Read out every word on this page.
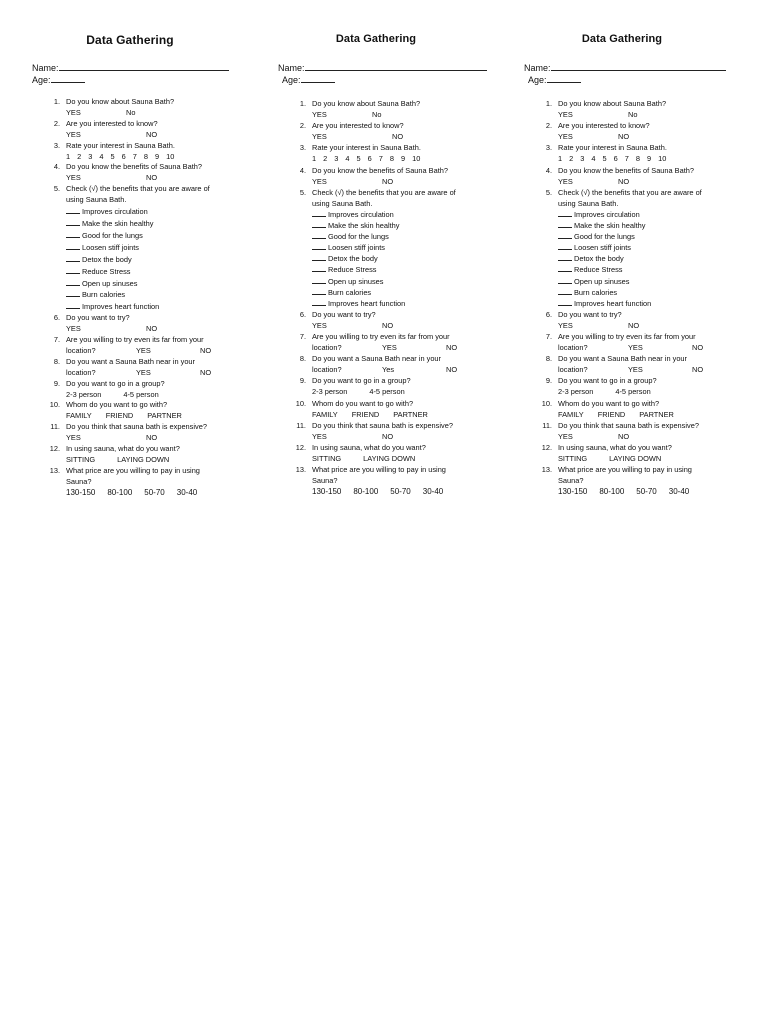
Data Gathering
Name:
Age:
1. Do you know about Sauna Bath?
YES	No
2. Are you interested to know?
YES	NO
3. Rate your interest in Sauna Bath.
1 2 3 4 5 6 7 8 9 10
4. Do you know the benefits of Sauna Bath?
YES	NO
5. Check (√) the benefits that you are aware of
using Sauna Bath.
Improves circulation
Make the skin healthy
Good for the lungs
Loosen stiff joints
Detox the body
Reduce Stress
Open up sinuses
Burn calories
Improves heart function
6. Do you want to try?
YES	NO
7. Are you willing to try even its far from your
location?	YES	NO
8. Do you want a Sauna Bath near in your
location?	YES	NO
9. Do you want to go in a group?
2-3 person	4-5 person
10. Whom do you want to go with?
FAMILY FRIEND PARTNER
11. Do you think that sauna bath is expensive?
YES	NO
12. In using sauna, what do you want?
SITTING	LAYING DOWN
13. What price are you willing to pay in using
Sauna?
130-150 80-100 50-70 30-40
Data Gathering
Name:
Age:
1. Do you know about Sauna Bath?
YES	No
2. Are you interested to know?
YES	NO
3. Rate your interest in Sauna Bath.
1 2 3 4 5 6 7 8 9 10
4. Do you know the benefits of Sauna Bath?
YES	NO
5. Check (√) the benefits that you are aware of
using Sauna Bath.
Improves circulation
Make the skin healthy
Good for the lungs
Loosen stiff joints
Detox the body
Reduce Stress
Open up sinuses
Burn calories
Improves heart function
6. Do you want to try?
YES	NO
7. Are you willing to try even its far from your
location?	YES	NO
8. Do you want a Sauna Bath near in your
location?	Yes	NO
9. Do you want to go in a group?
2-3 person	4-5 person
10. Whom do you want to go with?
FAMILY FRIEND PARTNER
11. Do you think that sauna bath is expensive?
YES	NO
12. In using sauna, what do you want?
SITTING	LAYING DOWN
13. What price are you willing to pay in using
Sauna?
130-150 80-100 50-70 30-40
Data Gathering
Name:
Age:
1. Do you know about Sauna Bath?
YES	No
2. Are you interested to know?
YES	NO
3. Rate your interest in Sauna Bath.
1 2 3 4 5 6 7 8 9 10
4. Do you know the benefits of Sauna Bath?
YES	NO
5. Check (√) the benefits that you are aware of
using Sauna Bath.
Improves circulation
Make the skin healthy
Good for the lungs
Loosen stiff joints
Detox the body
Reduce Stress
Open up sinuses
Burn calories
Improves heart function
6. Do you want to try?
YES	NO
7. Are you willing to try even its far from your
location?	YES	NO
8. Do you want a Sauna Bath near in your
location?	YES	NO
9. Do you want to go in a group?
2-3 person	4-5 person
10. Whom do you want to go with?
FAMILY FRIEND PARTNER
11. Do you think that sauna bath is expensive?
YES	NO
12. In using sauna, what do you want?
SITTING	LAYING DOWN
13. What price are you willing to pay in using
Sauna?
130-150 80-100 50-70 30-40
